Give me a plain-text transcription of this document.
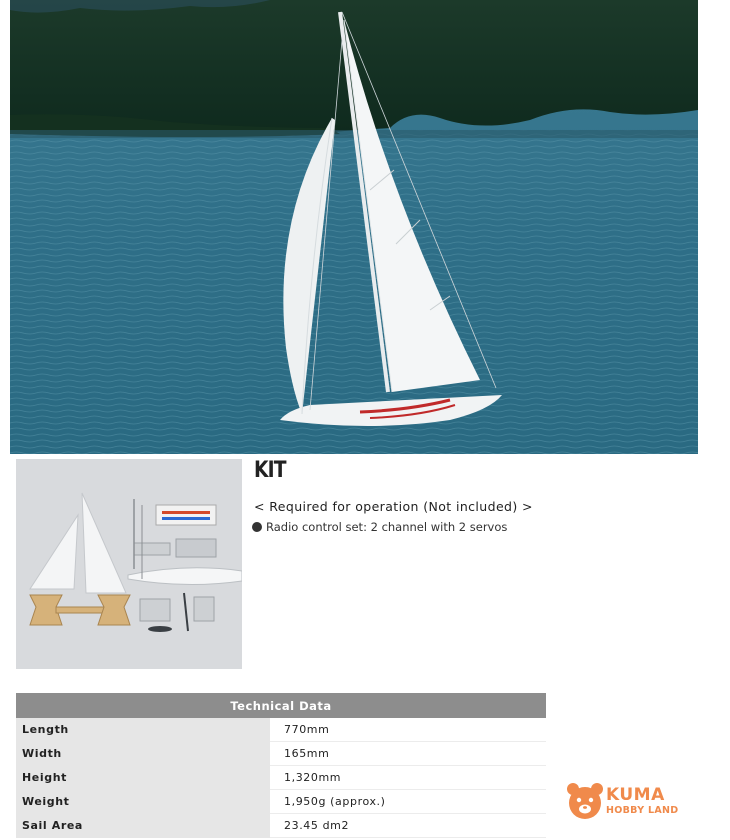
KIT
< Required for operation (Not included) >
Radio control set: 2 channel with 2 servos
Technical Data	
Length	770mm
Width	165mm
Height	1,320mm
Weight	1,950g (approx.)
Sail Area	23.45 dm2
KUMA
HOBBY LAND
